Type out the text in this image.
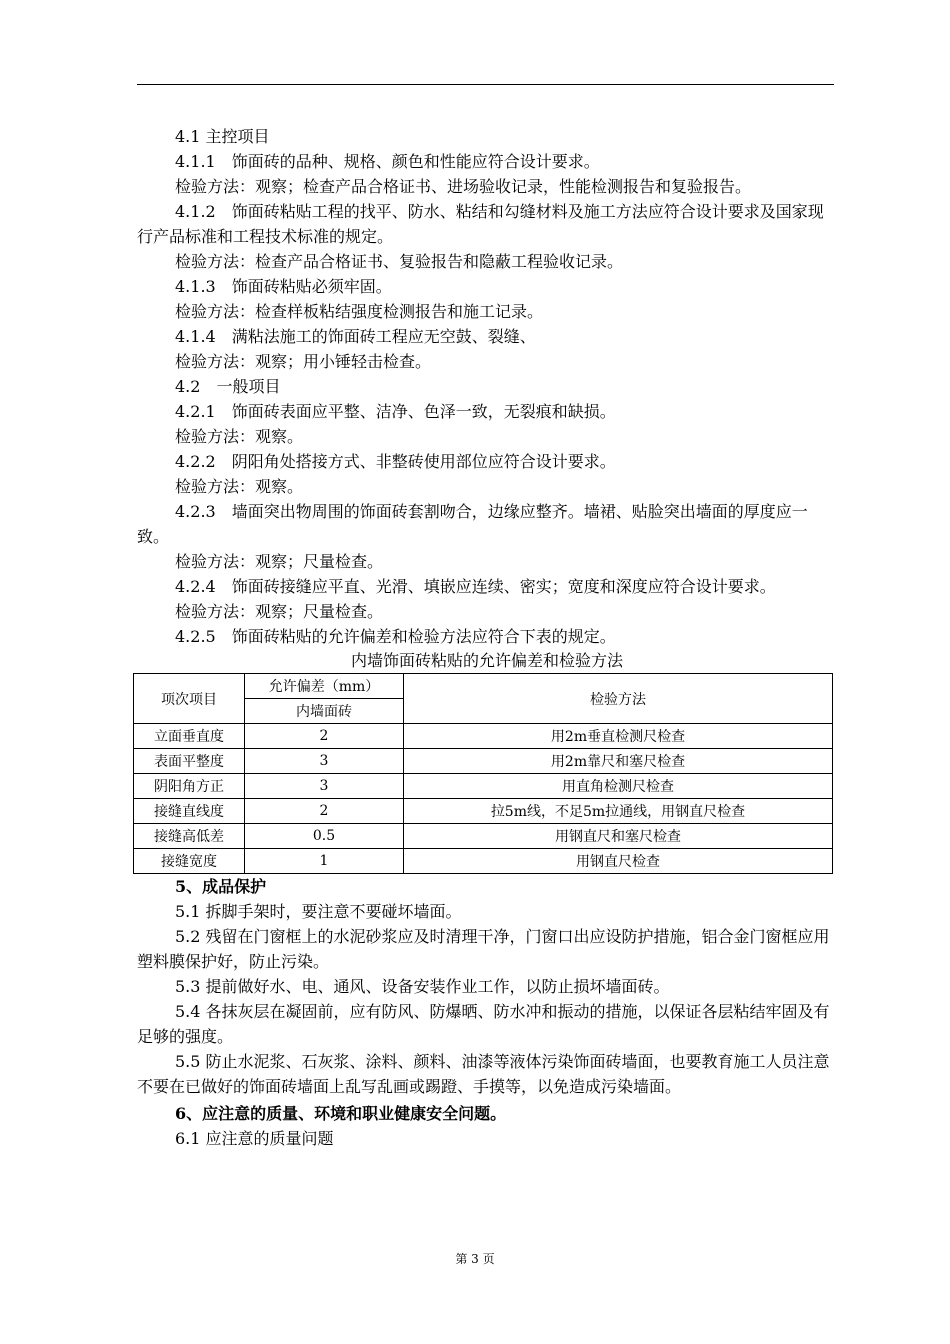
4.1 主控项目
4.1.1　饰面砖的品种、规格、颜色和性能应符合设计要求。
检验方法：观察；检查产品合格证书、进场验收记录，性能检测报告和复验报告。
4.1.2　饰面砖粘贴工程的找平、防水、粘结和勾缝材料及施工方法应符合设计要求及国家现行产品标准和工程技术标准的规定。
检验方法：检查产品合格证书、复验报告和隐蔽工程验收记录。
4.1.3　饰面砖粘贴必须牢固。
检验方法：检查样板粘结强度检测报告和施工记录。
4.1.4　满粘法施工的饰面砖工程应无空鼓、裂缝、
检验方法：观察；用小锤轻击检查。
4.2　一般项目
4.2.1　饰面砖表面应平整、洁净、色泽一致，无裂痕和缺损。
检验方法：观察。
4.2.2　阴阳角处搭接方式、非整砖使用部位应符合设计要求。
检验方法：观察。
4.2.3　墙面突出物周围的饰面砖套割吻合，边缘应整齐。墙裙、贴脸突出墙面的厚度应一致。
检验方法：观察；尺量检查。
4.2.4　饰面砖接缝应平直、光滑、填嵌应连续、密实；宽度和深度应符合设计要求。
检验方法：观察；尺量检查。
4.2.5　饰面砖粘贴的允许偏差和检验方法应符合下表的规定。
内墙饰面砖粘贴的允许偏差和检验方法
项次项目	允许偏差（mm）	检验方法
	内墙面砖	
立面垂直度	2	用2m垂直检测尺检查
表面平整度	3	用2m靠尺和塞尺检查
阴阳角方正	3	用直角检测尺检查
接缝直线度	2	拉5m线，不足5m拉通线，用钢直尺检查
接缝高低差	0.5	用钢直尺和塞尺检查
接缝宽度	1	用钢直尺检查
5、成品保护
5.1 拆脚手架时，要注意不要碰坏墙面。
5.2 残留在门窗框上的水泥砂浆应及时清理干净，门窗口出应设防护措施，铝合金门窗框应用塑料膜保护好，防止污染。
5.3 提前做好水、电、通风、设备安装作业工作，以防止损坏墙面砖。
5.4 各抹灰层在凝固前，应有防风、防爆晒、防水冲和振动的措施，以保证各层粘结牢固及有足够的强度。
5.5 防止水泥浆、石灰浆、涂料、颜料、油漆等液体污染饰面砖墙面，也要教育施工人员注意不要在已做好的饰面砖墙面上乱写乱画或踢蹬、手摸等，以免造成污染墙面。
6、应注意的质量、环境和职业健康安全问题。
6.1 应注意的质量问题
第 3 页
